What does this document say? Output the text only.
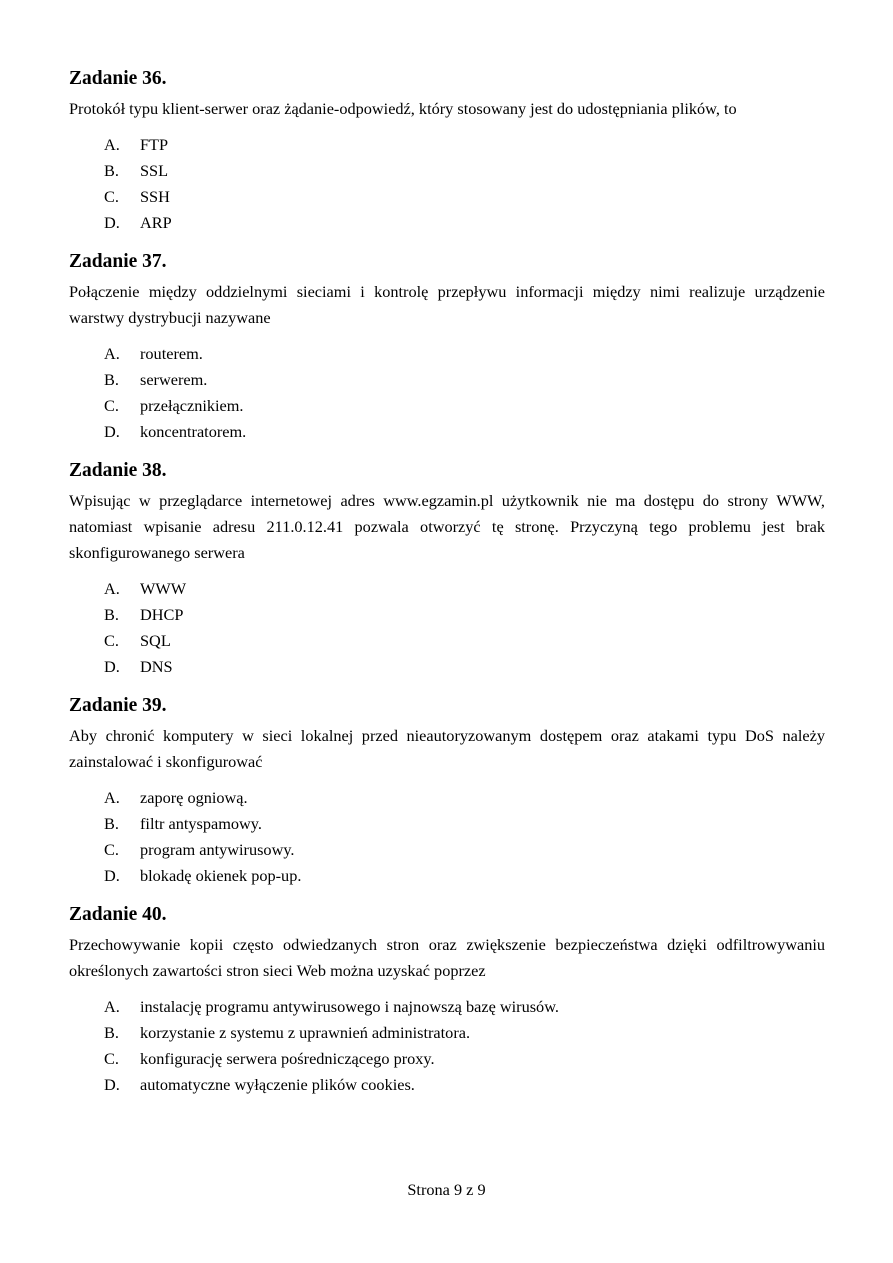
Zadanie 36.
Protokół typu klient-serwer oraz żądanie-odpowiedź, który stosowany jest do udostępniania plików, to
A.	FTP
B.	SSL
C.	SSH
D.	ARP
Zadanie 37.
Połączenie między oddzielnymi sieciami i kontrolę przepływu informacji między nimi realizuje urządzenie warstwy dystrybucji nazywane
A.	routerem.
B.	serwerem.
C.	przełącznikiem.
D.	koncentratorem.
Zadanie 38.
Wpisując w przeglądarce internetowej adres www.egzamin.pl użytkownik nie ma dostępu do strony WWW, natomiast wpisanie adresu 211.0.12.41 pozwala otworzyć tę stronę. Przyczyną tego problemu jest brak skonfigurowanego serwera
A.	WWW
B.	DHCP
C.	SQL
D.	DNS
Zadanie 39.
Aby chronić komputery w sieci lokalnej przed nieautoryzowanym dostępem oraz atakami typu DoS należy zainstalować i skonfigurować
A.	zaporę ogniową.
B.	filtr antyspamowy.
C.	program antywirusowy.
D.	blokadę okienek pop-up.
Zadanie 40.
Przechowywanie kopii często odwiedzanych stron oraz zwiększenie bezpieczeństwa dzięki odfiltrowywaniu określonych zawartości stron sieci Web można uzyskać poprzez
A.	instalację programu antywirusowego i najnowszą bazę wirusów.
B.	korzystanie z systemu z uprawnień administratora.
C.	konfigurację serwera pośredniczącego proxy.
D.	automatyczne wyłączenie plików cookies.
Strona 9 z 9
